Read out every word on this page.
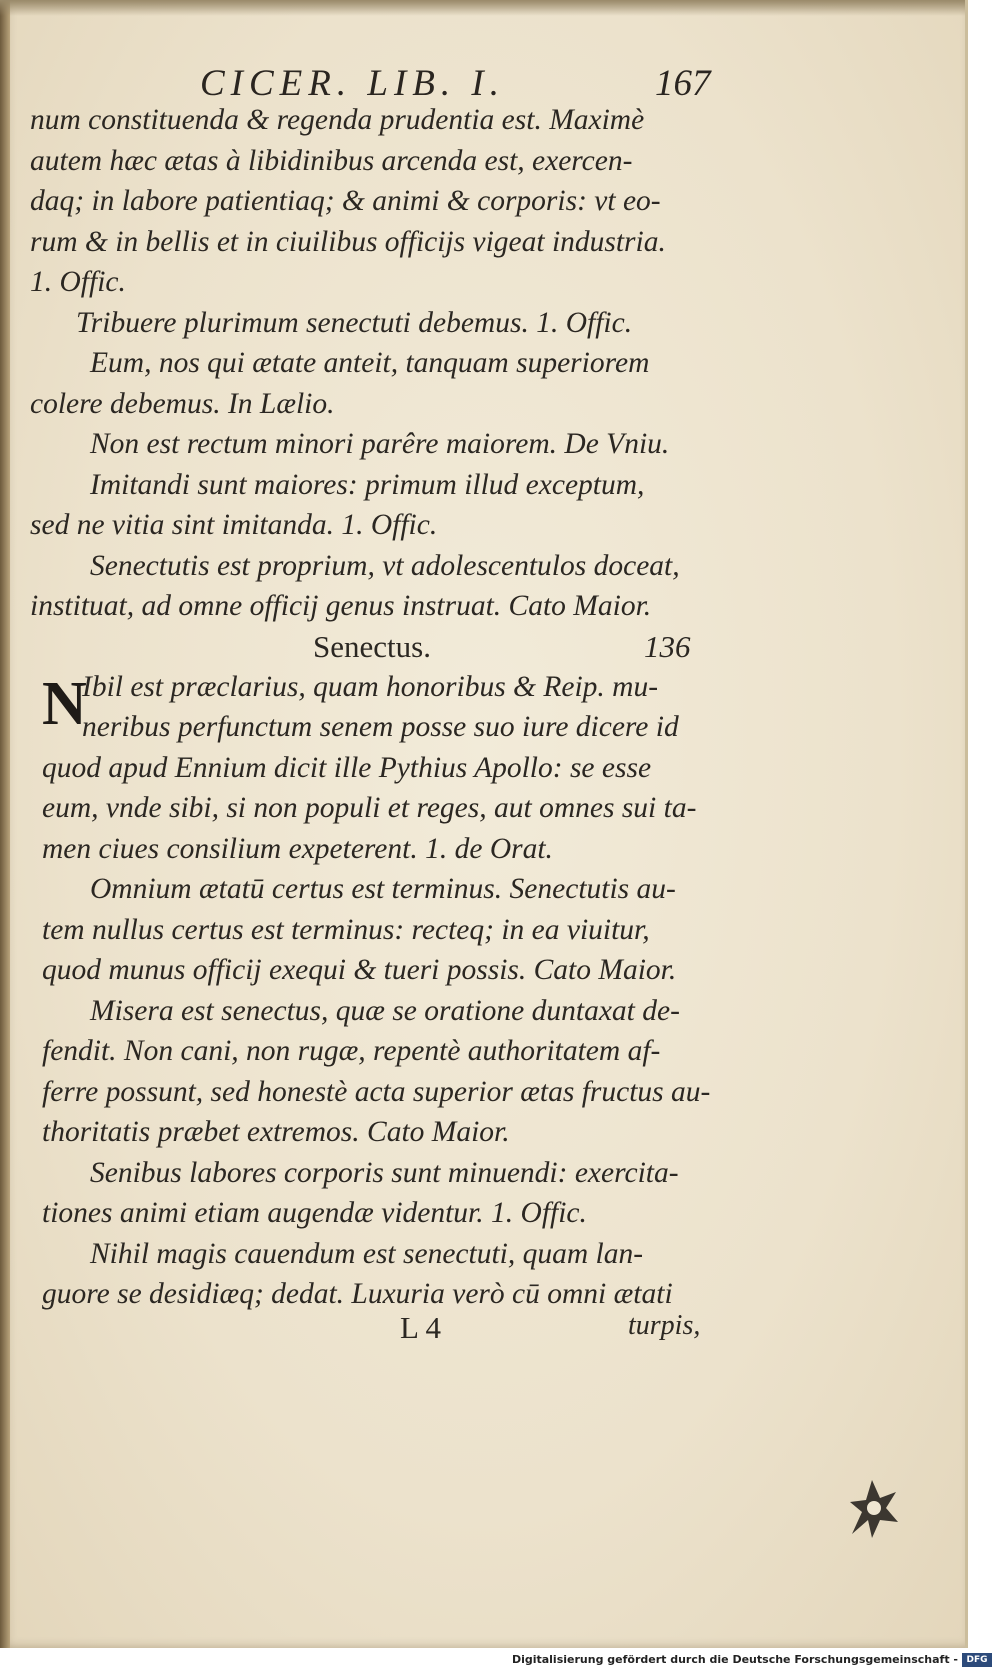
CICER. LIB. I.	167
num constituenda & regenda prudentia est. Maximè
autem hæc ætas à libidinibus arcenda est, exercen-
daq; in labore patientiaq; & animi & corporis: vt eo-
rum & in bellis et in ciuilibus officijs vigeat industria.
1. Offic.
Tribuere plurimum senectuti debemus. 1. Offic.
Eum, nos qui ætate anteit, tanquam superiorem
colere debemus. In Lælio.
Non est rectum minori parêre maiorem. De Vniu.
Imitandi sunt maiores: primum illud exceptum,
sed ne vitia sint imitanda. 1. Offic.
Senectutis est proprium, vt adolescentulos doceat,
instituat, ad omne officij genus instruat. Cato Maior.
Senectus.	136
N
Ibil est præclarius, quam honoribus & Reip. mu-
neribus perfunctum senem posse suo iure dicere id
quod apud Ennium dicit ille Pythius Apollo: se esse
eum, vnde sibi, si non populi et reges, aut omnes sui ta-
men ciues consilium expeterent. 1. de Orat.
Omnium ætatū certus est terminus. Senectutis au-
tem nullus certus est terminus: recteq; in ea viuitur,
quod munus officij exequi & tueri possis. Cato Maior.
Misera est senectus, quæ se oratione duntaxat de-
fendit. Non cani, non rugæ, repentè authoritatem af-
ferre possunt, sed honestè acta superior ætas fructus au-
thoritatis præbet extremos. Cato Maior.
Senibus labores corporis sunt minuendi: exercita-
tiones animi etiam augendæ videntur. 1. Offic.
Nihil magis cauendum est senectuti, quam lan-
guore se desidiæq; dedat. Luxuria verò cū omni ætati
L 4	turpis,
Digitalisierung gefördert durch die Deutsche Forschungsgemeinschaft - DFG
